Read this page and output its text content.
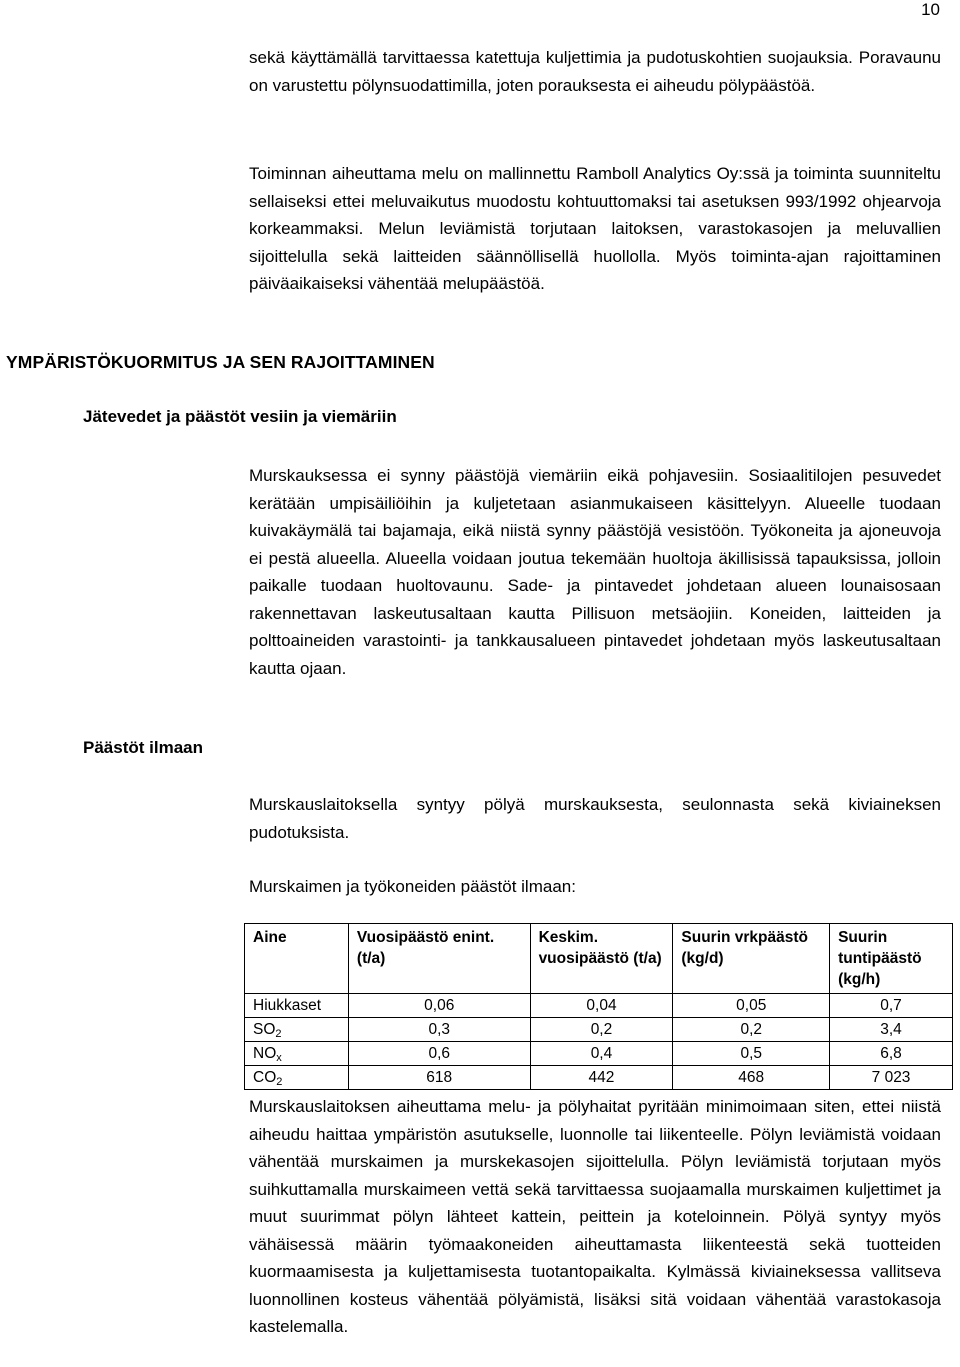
10

sekä käyttämällä tarvittaessa katettuja kuljettimia ja pudotuskohtien suojauksia. Poravaunu on varustettu pölynsuodattimilla, joten porauksesta ei aiheudu pölypäästöä.

Toiminnan aiheuttama melu on mallinnettu Ramboll Analytics Oy:ssä ja toiminta suunniteltu sellaiseksi ettei meluvaikutus muodostu kohtuuttomaksi tai asetuksen 993/1992 ohjearvoja korkeammaksi. Melun leviämistä torjutaan laitoksen, varastokasojen ja meluvallien sijoittelulla sekä laitteiden säännöllisellä huollolla. Myös toiminta-ajan rajoittaminen päiväaikaiseksi vähentää melupäästöä.

YMPÄRISTÖKUORMITUS JA SEN RAJOITTAMINEN
Jätevedet ja päästöt vesiin ja viemäriin

Murskauksessa ei synny päästöjä viemäriin eikä pohjavesiin. Sosiaalitilojen pesuvedet kerätään umpisäiliöihin ja kuljetetaan asianmukaiseen käsittelyyn. Alueelle tuodaan kuivakäymälä tai bajamaja, eikä niistä synny päästöjä vesistöön. Työkoneita ja ajoneuvoja ei pestä alueella. Alueella voidaan joutua tekemään huoltoja äkillisissä tapauksissa, jolloin paikalle tuodaan huoltovaunu. Sade- ja pintavedet johdetaan alueen lounaisosaan rakennettavan laskeutusaltaan kautta Pillisuon metsäojiin. Koneiden, laitteiden ja polttoaineiden varastointi- ja tankkausalueen pintavedet johdetaan myös laskeutusaltaan kautta ojaan.

Päästöt ilmaan

Murskauslaitoksella syntyy pölyä murskauksesta, seulonnasta sekä kiviaineksen pudotuksista.

Murskaimen ja työkoneiden päästöt ilmaan:

Aine	Vuosipäästö enint. (t/a)	Keskim. vuosipäästö (t/a)	Suurin vrkpäästö (kg/d)	Suurin tuntipäästö (kg/h)
Hiukkaset	0,06	0,04	0,05	0,7
$SO_2$	0,3	0,2	0,2	3,4
$NO_x$	0,6	0,4	0,5	6,8
$CO_2$	618	442	468	7 023

Murskauslaitoksen aiheuttama melu- ja pölyhaitat pyritään minimoimaan siten, ettei niistä aiheudu haittaa ympäristön asutukselle, luonnolle tai liikenteelle. Pölyn leviämistä voidaan vähentää murskaimen ja murskekasojen sijoittelulla. Pölyn leviämistä torjutaan myös suihkuttamalla murskaimeen vettä sekä tarvittaessa suojaamalla murskaimen kuljettimet ja muut suurimmat pölyn lähteet kattein, peittein ja koteloinnein. Pölyä syntyy myös vähäisessä määrin työmaakoneiden aiheuttamasta liikenteestä sekä tuotteiden kuormaamisesta ja kuljettamisesta tuotantopaikalta. Kylmässä kiviaineksessa vallitseva luonnollinen kosteus vähentää pölyämistä, lisäksi sitä voidaan vähentää varastokasoja kastelemalla.
